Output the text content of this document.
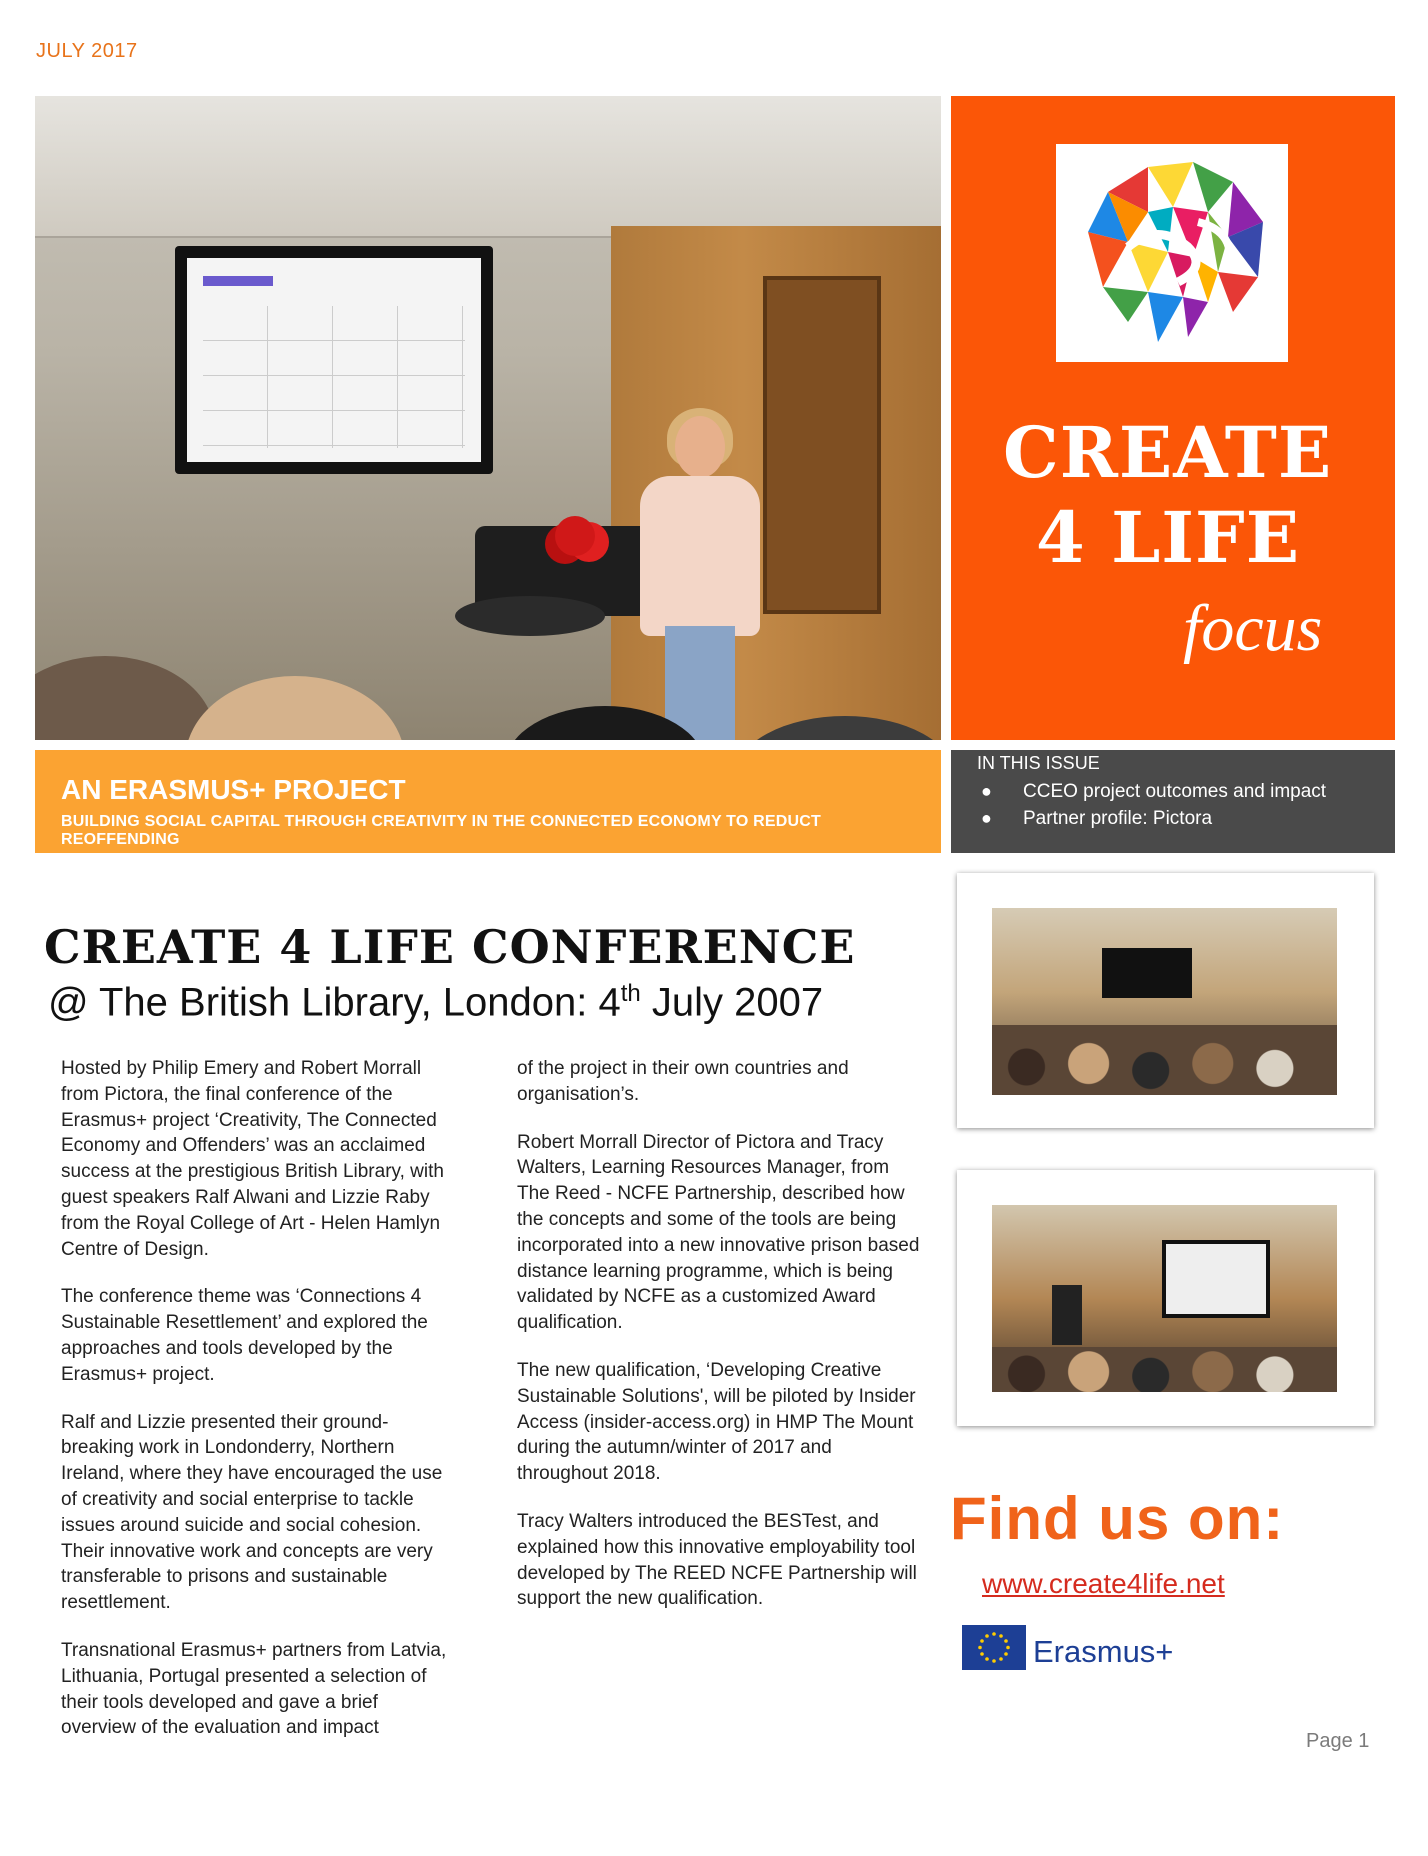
JULY 2017
CREATE
4 LIFE
focus
AN ERASMUS+ PROJECT
BUILDING SOCIAL CAPITAL THROUGH CREATIVITY IN THE CONNECTED ECONOMY TO REDUCT REOFFENDING
IN THIS ISSUE
● CCEO project outcomes and impact
● Partner profile: Pictora
CREATE 4 LIFE CONFERENCE
@ The British Library, London: 4th July 2007

Hosted by Philip Emery and Robert Morrall from Pictora, the final conference of the Erasmus+ project ‘Creativity, The Connected Economy and Offenders’ was an acclaimed success at the prestigious British Library, with guest speakers Ralf Alwani and Lizzie Raby from the Royal College of Art - Helen Hamlyn Centre of Design.

The conference theme was ‘Connections 4 Sustainable Resettlement’ and explored the approaches and tools developed by the Erasmus+ project.

Ralf and Lizzie presented their ground-breaking work in Londonderry, Northern Ireland, where they have encouraged the use of creativity and social enterprise to tackle issues around suicide and social cohesion. Their innovative work and concepts are very transferable to prisons and sustainable resettlement.

Transnational Erasmus+ partners from Latvia, Lithuania, Portugal presented a selection of their tools developed and gave a brief overview of the evaluation and impact

of the project in their own countries and organisation’s.

Robert Morrall Director of Pictora and Tracy Walters, Learning Resources Manager, from The Reed - NCFE Partnership, described how the concepts and some of the tools are being incorporated into a new innovative prison based distance learning programme, which is being validated by NCFE as a customized Award qualification.

The new qualification, ‘Developing Creative Sustainable Solutions', will be piloted by Insider Access (insider-access.org) in HMP The Mount during the autumn/winter of 2017 and throughout 2018.

Tracy Walters introduced the BESTest, and explained how this innovative employability tool developed by The REED NCFE Partnership will support the new qualification.

Find us on:
www.create4life.net
Erasmus+
Page 1
